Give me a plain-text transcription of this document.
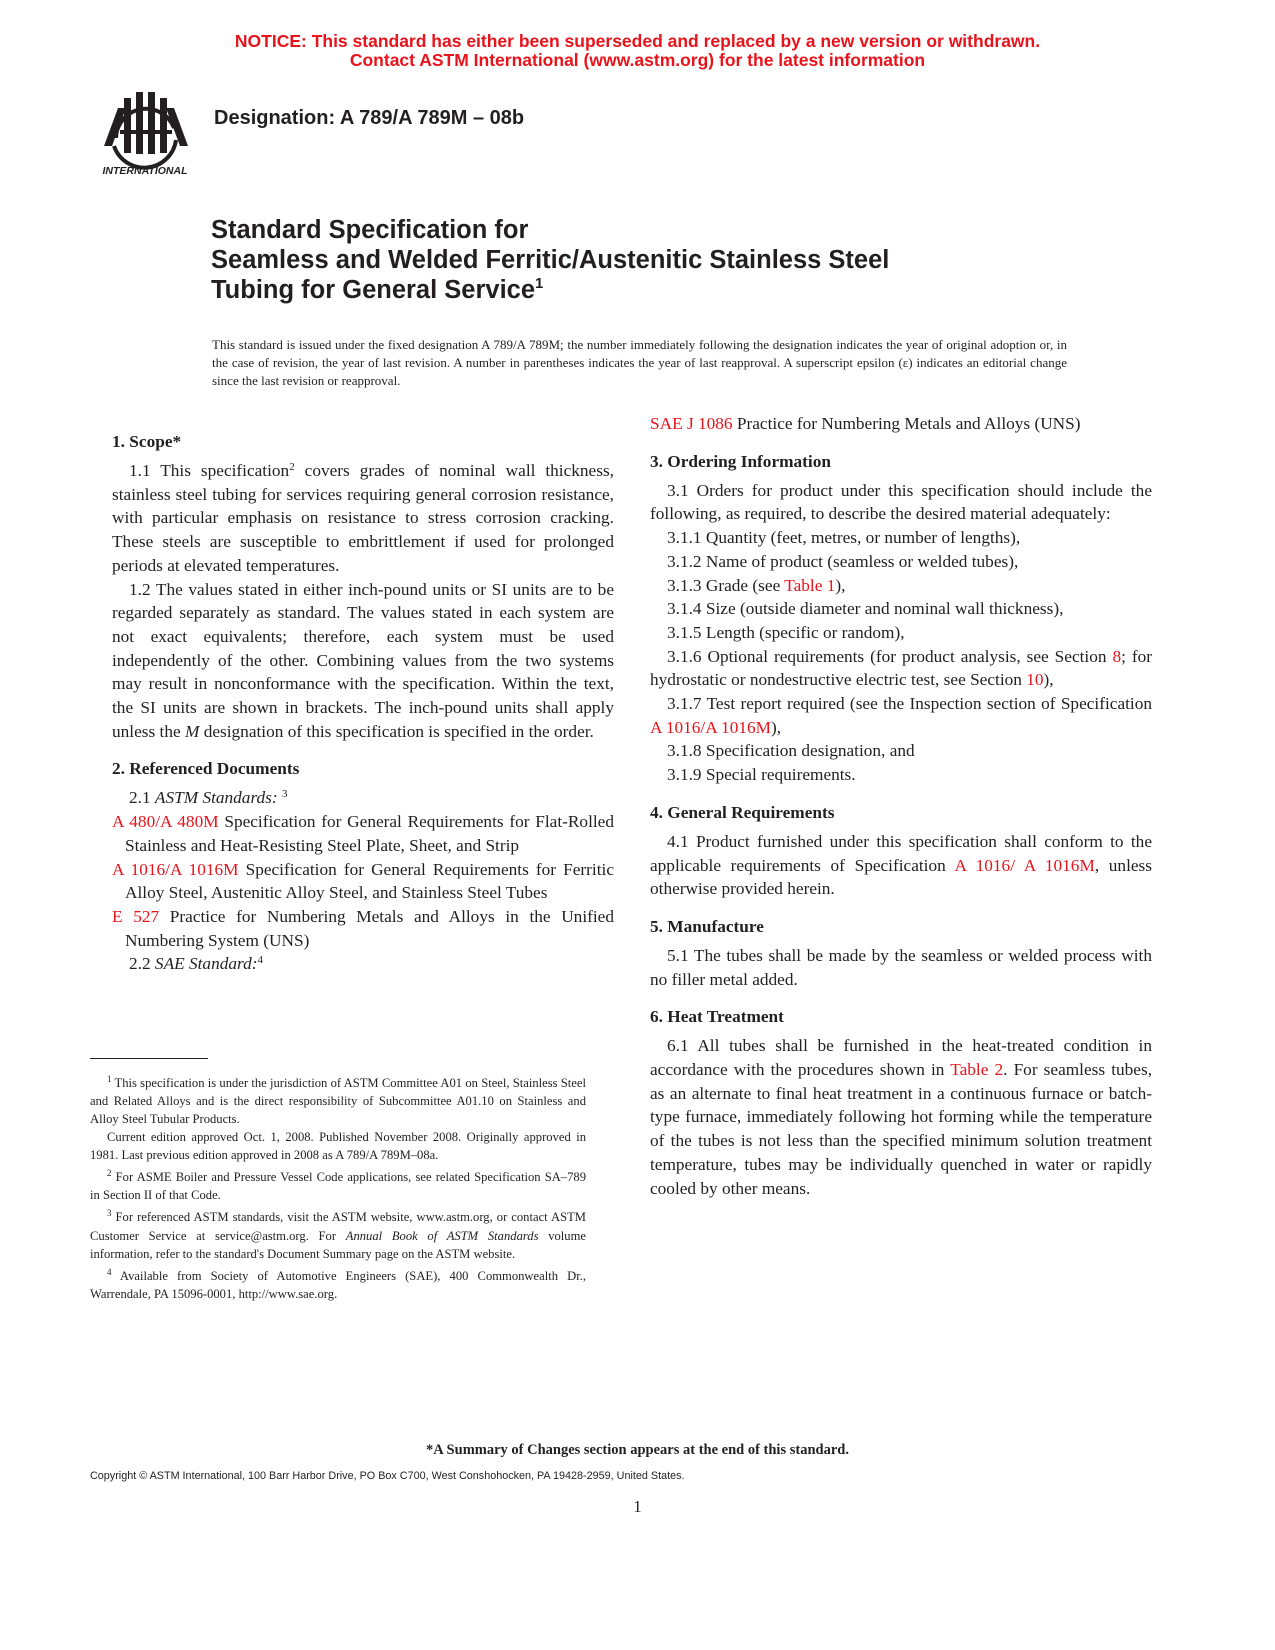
NOTICE: This standard has either been superseded and replaced by a new version or withdrawn.
Contact ASTM International (www.astm.org) for the latest information
INTERNATIONAL
Designation: A 789/A 789M – 08b
Standard Specification for
Seamless and Welded Ferritic/Austenitic Stainless Steel
Tubing for General Service$^1$
This standard is issued under the fixed designation A 789/A 789M; the number immediately following the designation indicates the year of original adoption or, in the case of revision, the year of last revision. A number in parentheses indicates the year of last reapproval. A superscript epsilon (ε) indicates an editorial change since the last revision or reapproval.
1. Scope*

1.1 This specification$^2$ covers grades of nominal wall thickness, stainless steel tubing for services requiring general corrosion resistance, with particular emphasis on resistance to stress corrosion cracking. These steels are susceptible to embrittlement if used for prolonged periods at elevated temperatures.

1.2 The values stated in either inch-pound units or SI units are to be regarded separately as standard. The values stated in each system are not exact equivalents; therefore, each system must be used independently of the other. Combining values from the two systems may result in nonconformance with the specification. Within the text, the SI units are shown in brackets. The inch-pound units shall apply unless the M designation of this specification is specified in the order.

2. Referenced Documents

2.1 ASTM Standards: $^3$

A 480/A 480M Specification for General Requirements for Flat-Rolled Stainless and Heat-Resisting Steel Plate, Sheet, and Strip

A 1016/A 1016M Specification for General Requirements for Ferritic Alloy Steel, Austenitic Alloy Steel, and Stainless Steel Tubes

E 527 Practice for Numbering Metals and Alloys in the Unified Numbering System (UNS)

2.2 SAE Standard:$^4$

SAE J 1086 Practice for Numbering Metals and Alloys (UNS)

3. Ordering Information

3.1 Orders for product under this specification should include the following, as required, to describe the desired material adequately:

3.1.1 Quantity (feet, metres, or number of lengths),

3.1.2 Name of product (seamless or welded tubes),

3.1.3 Grade (see Table 1),

3.1.4 Size (outside diameter and nominal wall thickness),

3.1.5 Length (specific or random),

3.1.6 Optional requirements (for product analysis, see Section 8; for hydrostatic or nondestructive electric test, see Section 10),

3.1.7 Test report required (see the Inspection section of Specification A 1016/A 1016M),

3.1.8 Specification designation, and

3.1.9 Special requirements.

4. General Requirements

4.1 Product furnished under this specification shall conform to the applicable requirements of Specification A 1016/ A 1016M, unless otherwise provided herein.

5. Manufacture

5.1 The tubes shall be made by the seamless or welded process with no filler metal added.

6. Heat Treatment

6.1 All tubes shall be furnished in the heat-treated condition in accordance with the procedures shown in Table 2. For seamless tubes, as an alternate to final heat treatment in a continuous furnace or batch-type furnace, immediately following hot forming while the temperature of the tubes is not less than the specified minimum solution treatment temperature, tubes may be individually quenched in water or rapidly cooled by other means.

$^1$ This specification is under the jurisdiction of ASTM Committee A01 on Steel, Stainless Steel and Related Alloys and is the direct responsibility of Subcommittee A01.10 on Stainless and Alloy Steel Tubular Products.

Current edition approved Oct. 1, 2008. Published November 2008. Originally approved in 1981. Last previous edition approved in 2008 as A 789/A 789M–08a.

$^2$ For ASME Boiler and Pressure Vessel Code applications, see related Specification SA–789 in Section II of that Code.

$^3$ For referenced ASTM standards, visit the ASTM website, www.astm.org, or contact ASTM Customer Service at service@astm.org. For Annual Book of ASTM Standards volume information, refer to the standard's Document Summary page on the ASTM website.

$^4$ Available from Society of Automotive Engineers (SAE), 400 Commonwealth Dr., Warrendale, PA 15096-0001, http://www.sae.org.

*A Summary of Changes section appears at the end of this standard.
Copyright © ASTM International, 100 Barr Harbor Drive, PO Box C700, West Conshohocken, PA 19428-2959, United States.
1
